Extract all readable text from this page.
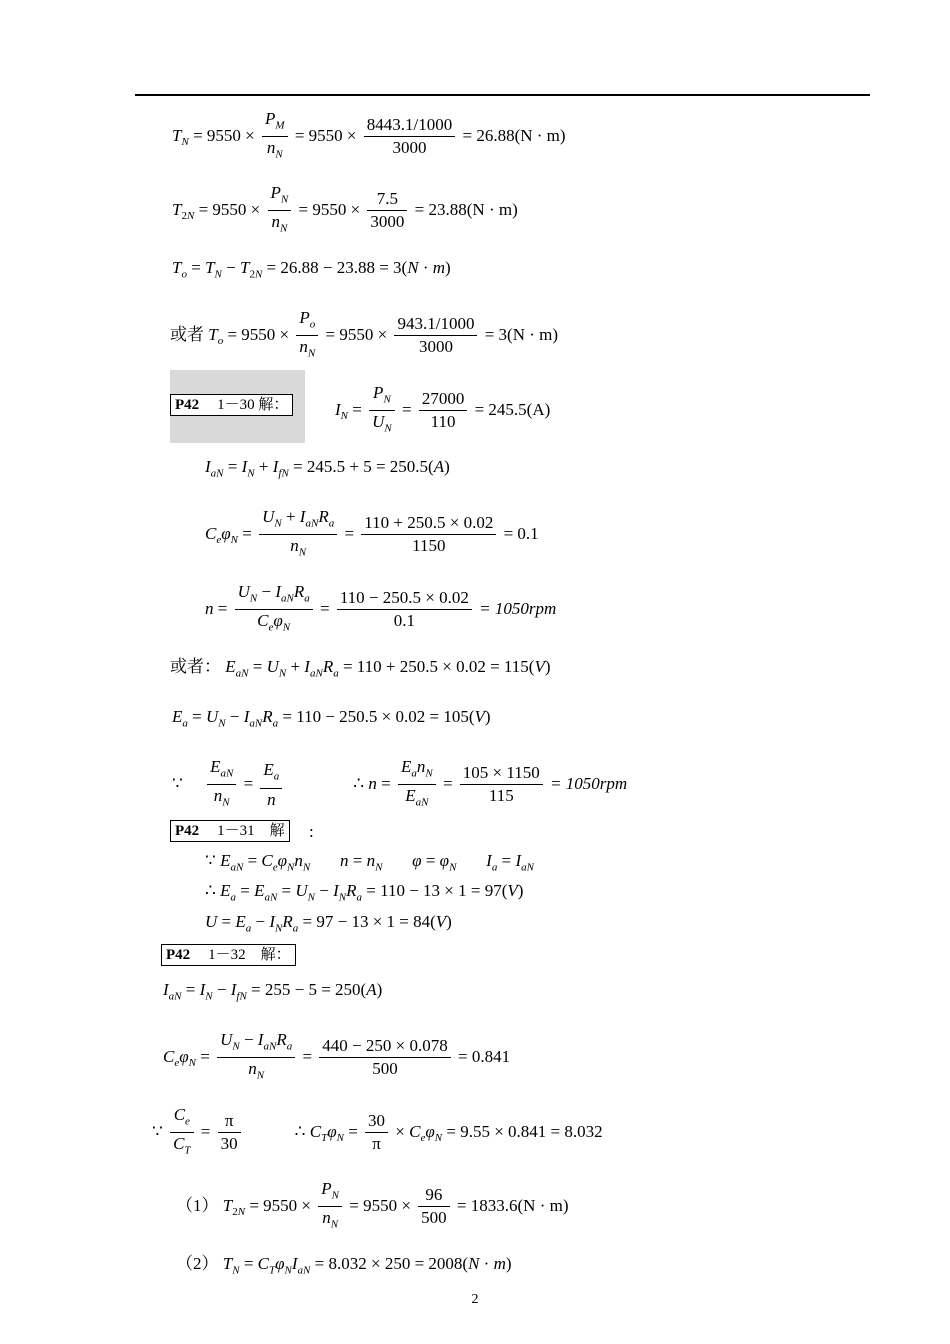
$T_N = 9550 \times \frac{P_M}{n_N} = 9550 \times \frac{8443.1/1000}{3000} = 26.88(N \cdot m)$
$T_{2N} = 9550 \times \frac{P_N}{n_N} = 9550 \times \frac{7.5}{3000} = 23.88(N \cdot m)$
$T_o = T_N - T_{2N} = 26.88 - 23.88 = 3(N \cdot m)$
或者 $T_o = 9550 \times \frac{P_o}{n_N} = 9550 \times \frac{943.1/1000}{3000} = 3(N \cdot m)$
P42 1－30 解：	$I_N = \frac{P_N}{U_N} = \frac{27000}{110} = 245.5(A)$
$I_{aN} = I_N + I_{fN} = 245.5 + 5 = 250.5(A)$
$C_e\varphi_N = \frac{U_N + I_{aN}R_a}{n_N} = \frac{110 + 250.5 \times 0.02}{1150} = 0.1$
$n = \frac{U_N - I_{aN}R_a}{C_e\varphi_N} = \frac{110 - 250.5 \times 0.02}{0.1} = 1050rpm$
或者： $E_{aN} = U_N + I_{aN}R_a = 110 + 250.5 \times 0.02 = 115(V)$
$E_a = U_N - I_{aN}R_a = 110 - 250.5 \times 0.02 = 105(V)$
∵ $\frac{E_{aN}}{n_N} = \frac{E_a}{n}$ ∴ $n = \frac{E_an_N}{E_{aN}} = \frac{105 \times 1150}{115} = 1050rpm$
P42 1－31　解 :
∵ $E_{aN} = C_e\varphi_Nn_N$ $n = n_N$ $\varphi = \varphi_N$ $I_a = I_{aN}$
∴ $E_a = E_{aN} = U_N - I_NR_a = 110 - 13 \times 1 = 97(V)$
$U = E_a - I_NR_a = 97 - 13 \times 1 = 84(V)$
P42 1－32　解：
$I_{aN} = I_N - I_{fN} = 255 - 5 = 250(A)$
$C_e\varphi_N = \frac{U_N - I_{aN}R_a}{n_N} = \frac{440 - 250 \times 0.078}{500} = 0.841$
∵ $\frac{C_e}{C_T} = \frac{\pi}{30}$ ∴ $C_T\varphi_N = \frac{30}{\pi} \times C_e\varphi_N = 9.55 \times 0.841 = 8.032$
（1） $T_{2N} = 9550 \times \frac{P_N}{n_N} = 9550 \times \frac{96}{500} = 1833.6(N \cdot m)$
（2） $T_N = C_T\varphi_NI_{aN} = 8.032 \times 250 = 2008(N \cdot m)$
2
